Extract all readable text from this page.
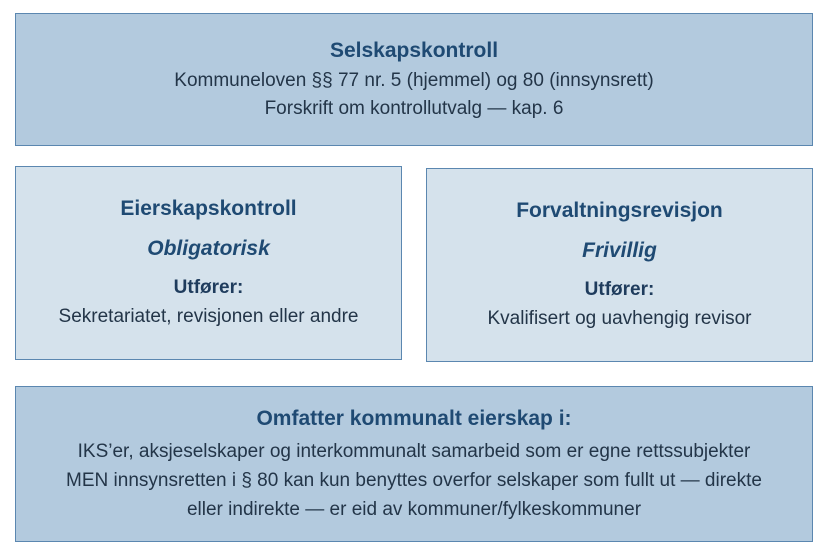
Selskapskontroll
Kommuneloven §§ 77 nr. 5 (hjemmel) og 80 (innsynsrett)
Forskrift om kontrollutvalg — kap. 6
Eierskapskontroll
Obligatorisk
Utfører:
Sekretariatet, revisjonen eller andre
Forvaltningsrevisjon
Frivillig
Utfører:
Kvalifisert og uavhengig revisor
Omfatter kommunalt eierskap i:
IKS’er, aksjeselskaper og interkommunalt samarbeid som er egne rettssubjekter
MEN innsynsretten i § 80 kan kun benyttes overfor selskaper som fullt ut — direkte
eller indirekte — er eid av kommuner/fylkeskommuner
